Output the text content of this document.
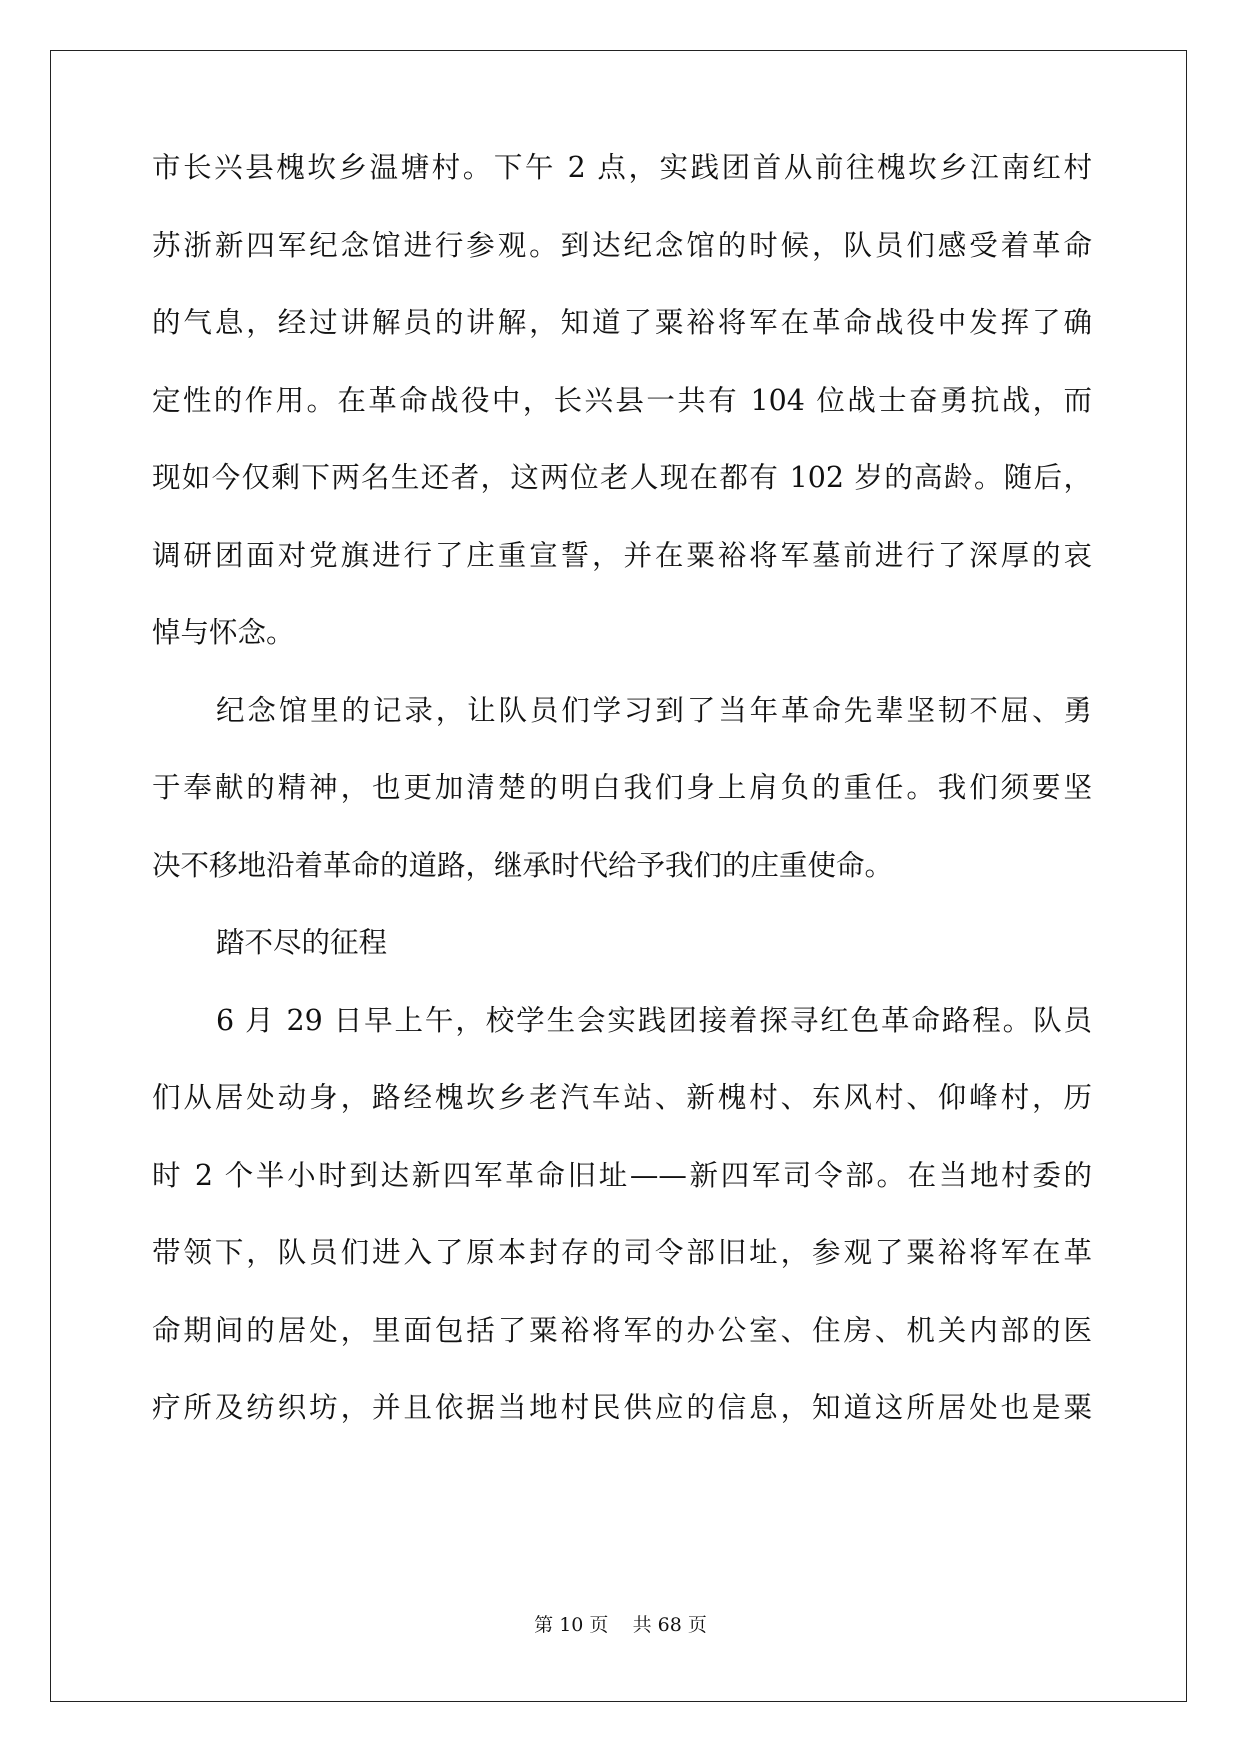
市长兴县槐坎乡温塘村。下午 2 点，实践团首从前往槐坎乡江南红村
苏浙新四军纪念馆进行参观。到达纪念馆的时候，队员们感受着革命
的气息，经过讲解员的讲解，知道了粟裕将军在革命战役中发挥了确
定性的作用。在革命战役中，长兴县一共有 104 位战士奋勇抗战，而
现如今仅剩下两名生还者，这两位老人现在都有 102 岁的高龄。随后，
调研团面对党旗进行了庄重宣誓，并在粟裕将军墓前进行了深厚的哀
悼与怀念。
纪念馆里的记录，让队员们学习到了当年革命先辈坚韧不屈、勇
于奉献的精神，也更加清楚的明白我们身上肩负的重任。我们须要坚
决不移地沿着革命的道路，继承时代给予我们的庄重使命。
踏不尽的征程
6 月 29 日早上午，校学生会实践团接着探寻红色革命路程。队员
们从居处动身，路经槐坎乡老汽车站、新槐村、东风村、仰峰村，历
时 2 个半小时到达新四军革命旧址——新四军司令部。在当地村委的
带领下，队员们进入了原本封存的司令部旧址，参观了粟裕将军在革
命期间的居处，里面包括了粟裕将军的办公室、住房、机关内部的医
疗所及纺织坊，并且依据当地村民供应的信息，知道这所居处也是粟
第 10 页    共 68 页
